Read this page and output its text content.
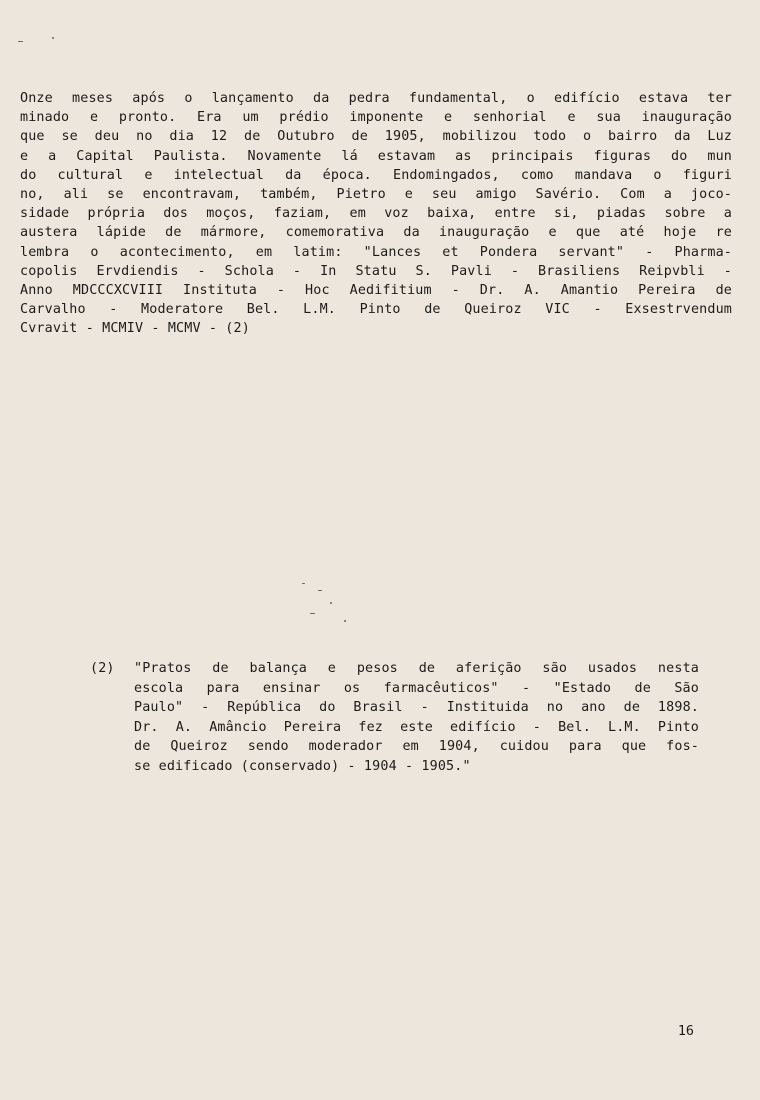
Onze meses após o lançamento da pedra fundamental, o edifício estava ter
minado e pronto. Era um prédio imponente e senhorial e sua inauguração
que se deu no dia 12 de Outubro de 1905, mobilizou todo o bairro da Luz
e a Capital Paulista. Novamente lá estavam as principais figuras do mun
do cultural e intelectual da época. Endomingados, como mandava o figuri
no, ali se encontravam, também, Pietro e seu amigo Savério. Com a joco-
sidade própria dos moços, faziam, em voz baixa, entre si, piadas sobre a
austera lápide de mármore, comemorativa da inauguração e que até hoje re
lembra o acontecimento, em latim: "Lances et Pondera servant" - Pharma-
copolis Ervdiendis - Schola - In Statu S. Pavli - Brasiliens Reipvbli -
Anno MDCCCXCVIII Instituta - Hoc Aedifitium - Dr. A. Amantio Pereira de
Carvalho - Moderatore Bel. L.M. Pinto de Queiroz VIC - Exsestrvendum
Cvravit - MCMIV - MCMV - (2)
(2) "Pratos de balança e pesos de aferição são usados nesta
escola para ensinar os farmacêuticos" - "Estado de São
Paulo" - República do Brasil - Instituida no ano de 1898.
Dr. A. Amâncio Pereira fez este edifício - Bel. L.M. Pinto
de Queiroz sendo moderador em 1904, cuidou para que fos-
se edificado (conservado) - 1904 - 1905."
16
